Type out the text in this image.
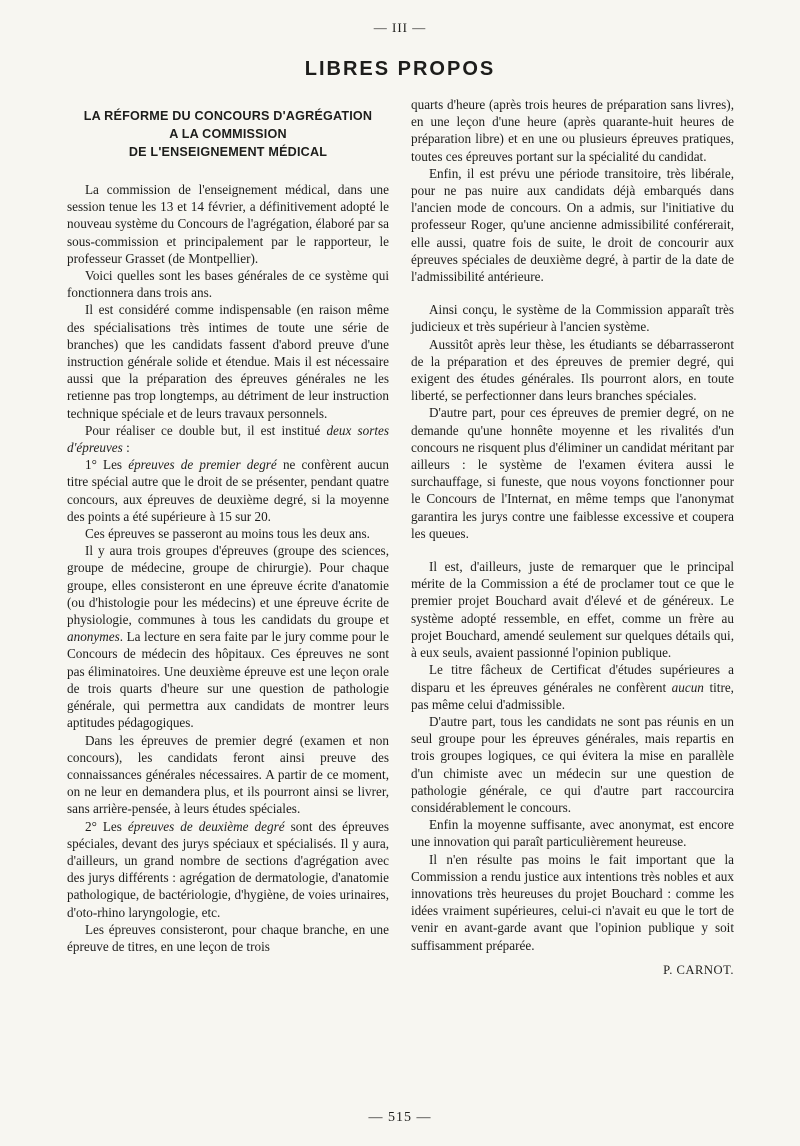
— III —
LIBRES PROPOS
LA RÉFORME DU CONCOURS D'AGRÉGATION
A LA COMMISSION
DE L'ENSEIGNEMENT MÉDICAL

La commission de l'enseignement médical, dans une session tenue les 13 et 14 février, a définitivement adopté le nouveau système du Concours de l'agrégation, élaboré par sa sous-commission et principalement par le rapporteur, le professeur Grasset (de Montpellier).

Voici quelles sont les bases générales de ce système qui fonctionnera dans trois ans.

Il est considéré comme indispensable (en raison même des spécialisations très intimes de toute une série de branches) que les candidats fassent d'abord preuve d'une instruction générale solide et étendue. Mais il est nécessaire aussi que la préparation des épreuves générales ne les retienne pas trop longtemps, au détriment de leur instruction technique spéciale et de leurs travaux personnels.

Pour réaliser ce double but, il est institué deux sortes d'épreuves :

1° Les épreuves de premier degré ne confèrent aucun titre spécial autre que le droit de se présenter, pendant quatre concours, aux épreuves de deuxième degré, si la moyenne des points a été supérieure à 15 sur 20.

Ces épreuves se passeront au moins tous les deux ans.

Il y aura trois groupes d'épreuves (groupe des sciences, groupe de médecine, groupe de chirurgie). Pour chaque groupe, elles consisteront en une épreuve écrite d'anatomie (ou d'histologie pour les médecins) et une épreuve écrite de physiologie, communes à tous les candidats du groupe et anonymes. La lecture en sera faite par le jury comme pour le Concours de médecin des hôpitaux. Ces épreuves ne sont pas éliminatoires. Une deuxième épreuve est une leçon orale de trois quarts d'heure sur une question de pathologie générale, qui permettra aux candidats de montrer leurs aptitudes pédagogiques.

Dans les épreuves de premier degré (examen et non concours), les candidats feront ainsi preuve des connaissances générales nécessaires. A partir de ce moment, on ne leur en demandera plus, et ils pourront ainsi se livrer, sans arrière-pensée, à leurs études spéciales.

2° Les épreuves de deuxième degré sont des épreuves spéciales, devant des jurys spéciaux et spécialisés. Il y aura, d'ailleurs, un grand nombre de sections d'agrégation avec des jurys différents : agrégation de dermatologie, d'anatomie pathologique, de bactériologie, d'hygiène, de voies urinaires, d'oto-rhino laryngologie, etc.

Les épreuves consisteront, pour chaque branche, en une épreuve de titres, en une leçon de trois

quarts d'heure (après trois heures de préparation sans livres), en une leçon d'une heure (après quarante-huit heures de préparation libre) et en une ou plusieurs épreuves pratiques, toutes ces épreuves portant sur la spécialité du candidat.

Enfin, il est prévu une période transitoire, très libérale, pour ne pas nuire aux candidats déjà embarqués dans l'ancien mode de concours. On a admis, sur l'initiative du professeur Roger, qu'une ancienne admissibilité conférerait, elle aussi, quatre fois de suite, le droit de concourir aux épreuves spéciales de deuxième degré, à partir de la date de l'admissibilité antérieure.

Ainsi conçu, le système de la Commission apparaît très judicieux et très supérieur à l'ancien système.

Aussitôt après leur thèse, les étudiants se débarrasseront de la préparation et des épreuves de premier degré, qui exigent des études générales. Ils pourront alors, en toute liberté, se perfectionner dans leurs branches spéciales.

D'autre part, pour ces épreuves de premier degré, on ne demande qu'une honnête moyenne et les rivalités d'un concours ne risquent plus d'éliminer un candidat méritant par ailleurs : le système de l'examen évitera aussi le surchauffage, si funeste, que nous voyons fonctionner pour le Concours de l'Internat, en même temps que l'anonymat garantira les jurys contre une faiblesse excessive et couperа les queues.

Il est, d'ailleurs, juste de remarquer que le principal mérite de la Commission a été de proclamer tout ce que le premier projet Bouchard avait d'élevé et de généreux. Le système adopté ressemble, en effet, comme un frère au projet Bouchard, amendé seulement sur quelques détails qui, à eux seuls, avaient passionné l'opinion publique.

Le titre fâcheux de Certificat d'études supérieures a disparu et les épreuves générales ne confèrent aucun titre, pas même celui d'admissible.

D'autre part, tous les candidats ne sont pas réunis en un seul groupe pour les épreuves générales, mais repartis en trois groupes logiques, ce qui évitera la mise en parallèle d'un chimiste avec un médecin sur une question de pathologie générale, ce qui d'autre part raccourcira considérablement le concours.

Enfin la moyenne suffisante, avec anonymat, est encore une innovation qui paraît particulièrement heureuse.

Il n'en résulte pas moins le fait important que la Commission a rendu justice aux intentions très nobles et aux innovations très heureuses du projet Bouchard : comme les idées vraiment supérieures, celui-ci n'avait eu que le tort de venir en avant-garde avant que l'opinion publique y soit suffisamment préparée.

P. CARNOT.
— 515 —
